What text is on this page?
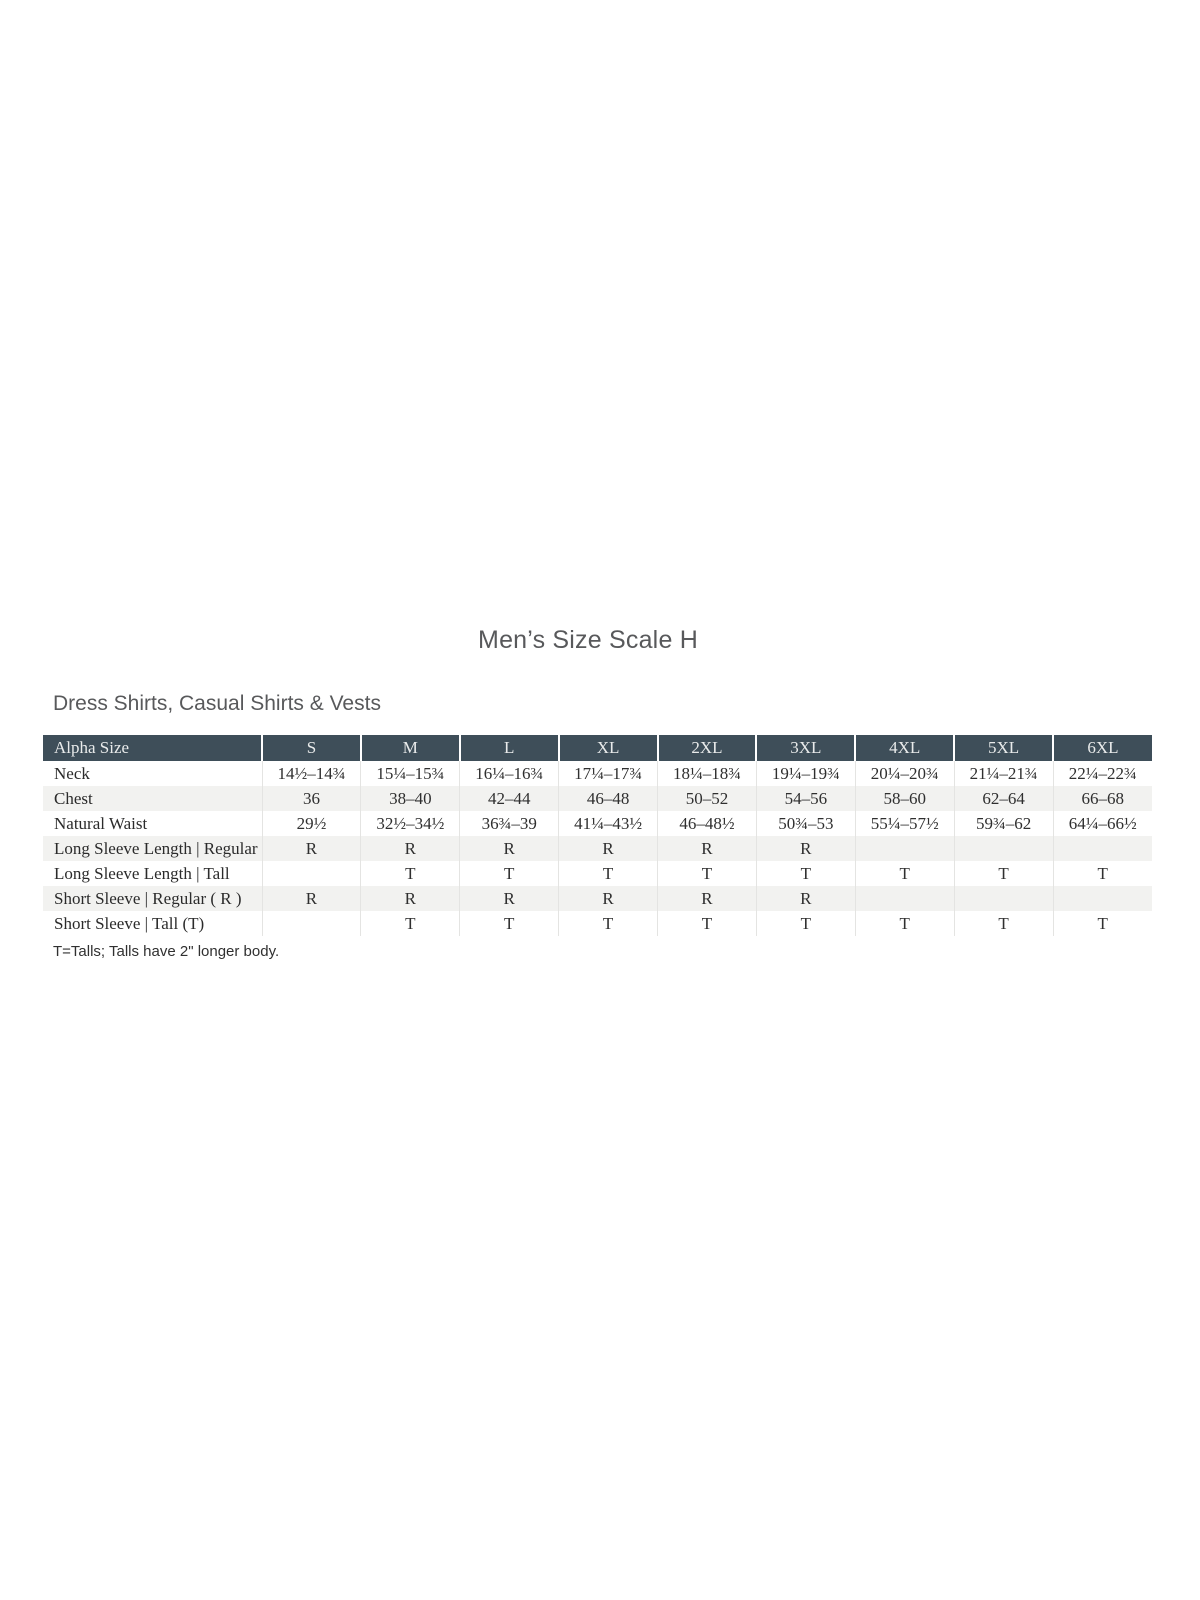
Men’s Size Scale H
Dress Shirts, Casual Shirts & Vests
Alpha Size	S	M	L	XL	2XL	3XL	4XL	5XL	6XL
Neck	14½–14¾	15¼–15¾	16¼–16¾	17¼–17¾	18¼–18¾	19¼–19¾	20¼–20¾	21¼–21¾	22¼–22¾
Chest	36	38–40	42–44	46–48	50–52	54–56	58–60	62–64	66–68
Natural Waist	29½	32½–34½	36¾–39	41¼–43½	46–48½	50¾–53	55¼–57½	59¾–62	64¼–66½
Long Sleeve Length | Regular	R	R	R	R	R	R			
Long Sleeve Length | Tall		T	T	T	T	T	T	T	T
Short Sleeve | Regular ( R )	R	R	R	R	R	R			
Short Sleeve | Tall (T)		T	T	T	T	T	T	T	T
T=Talls; Talls have 2" longer body.
